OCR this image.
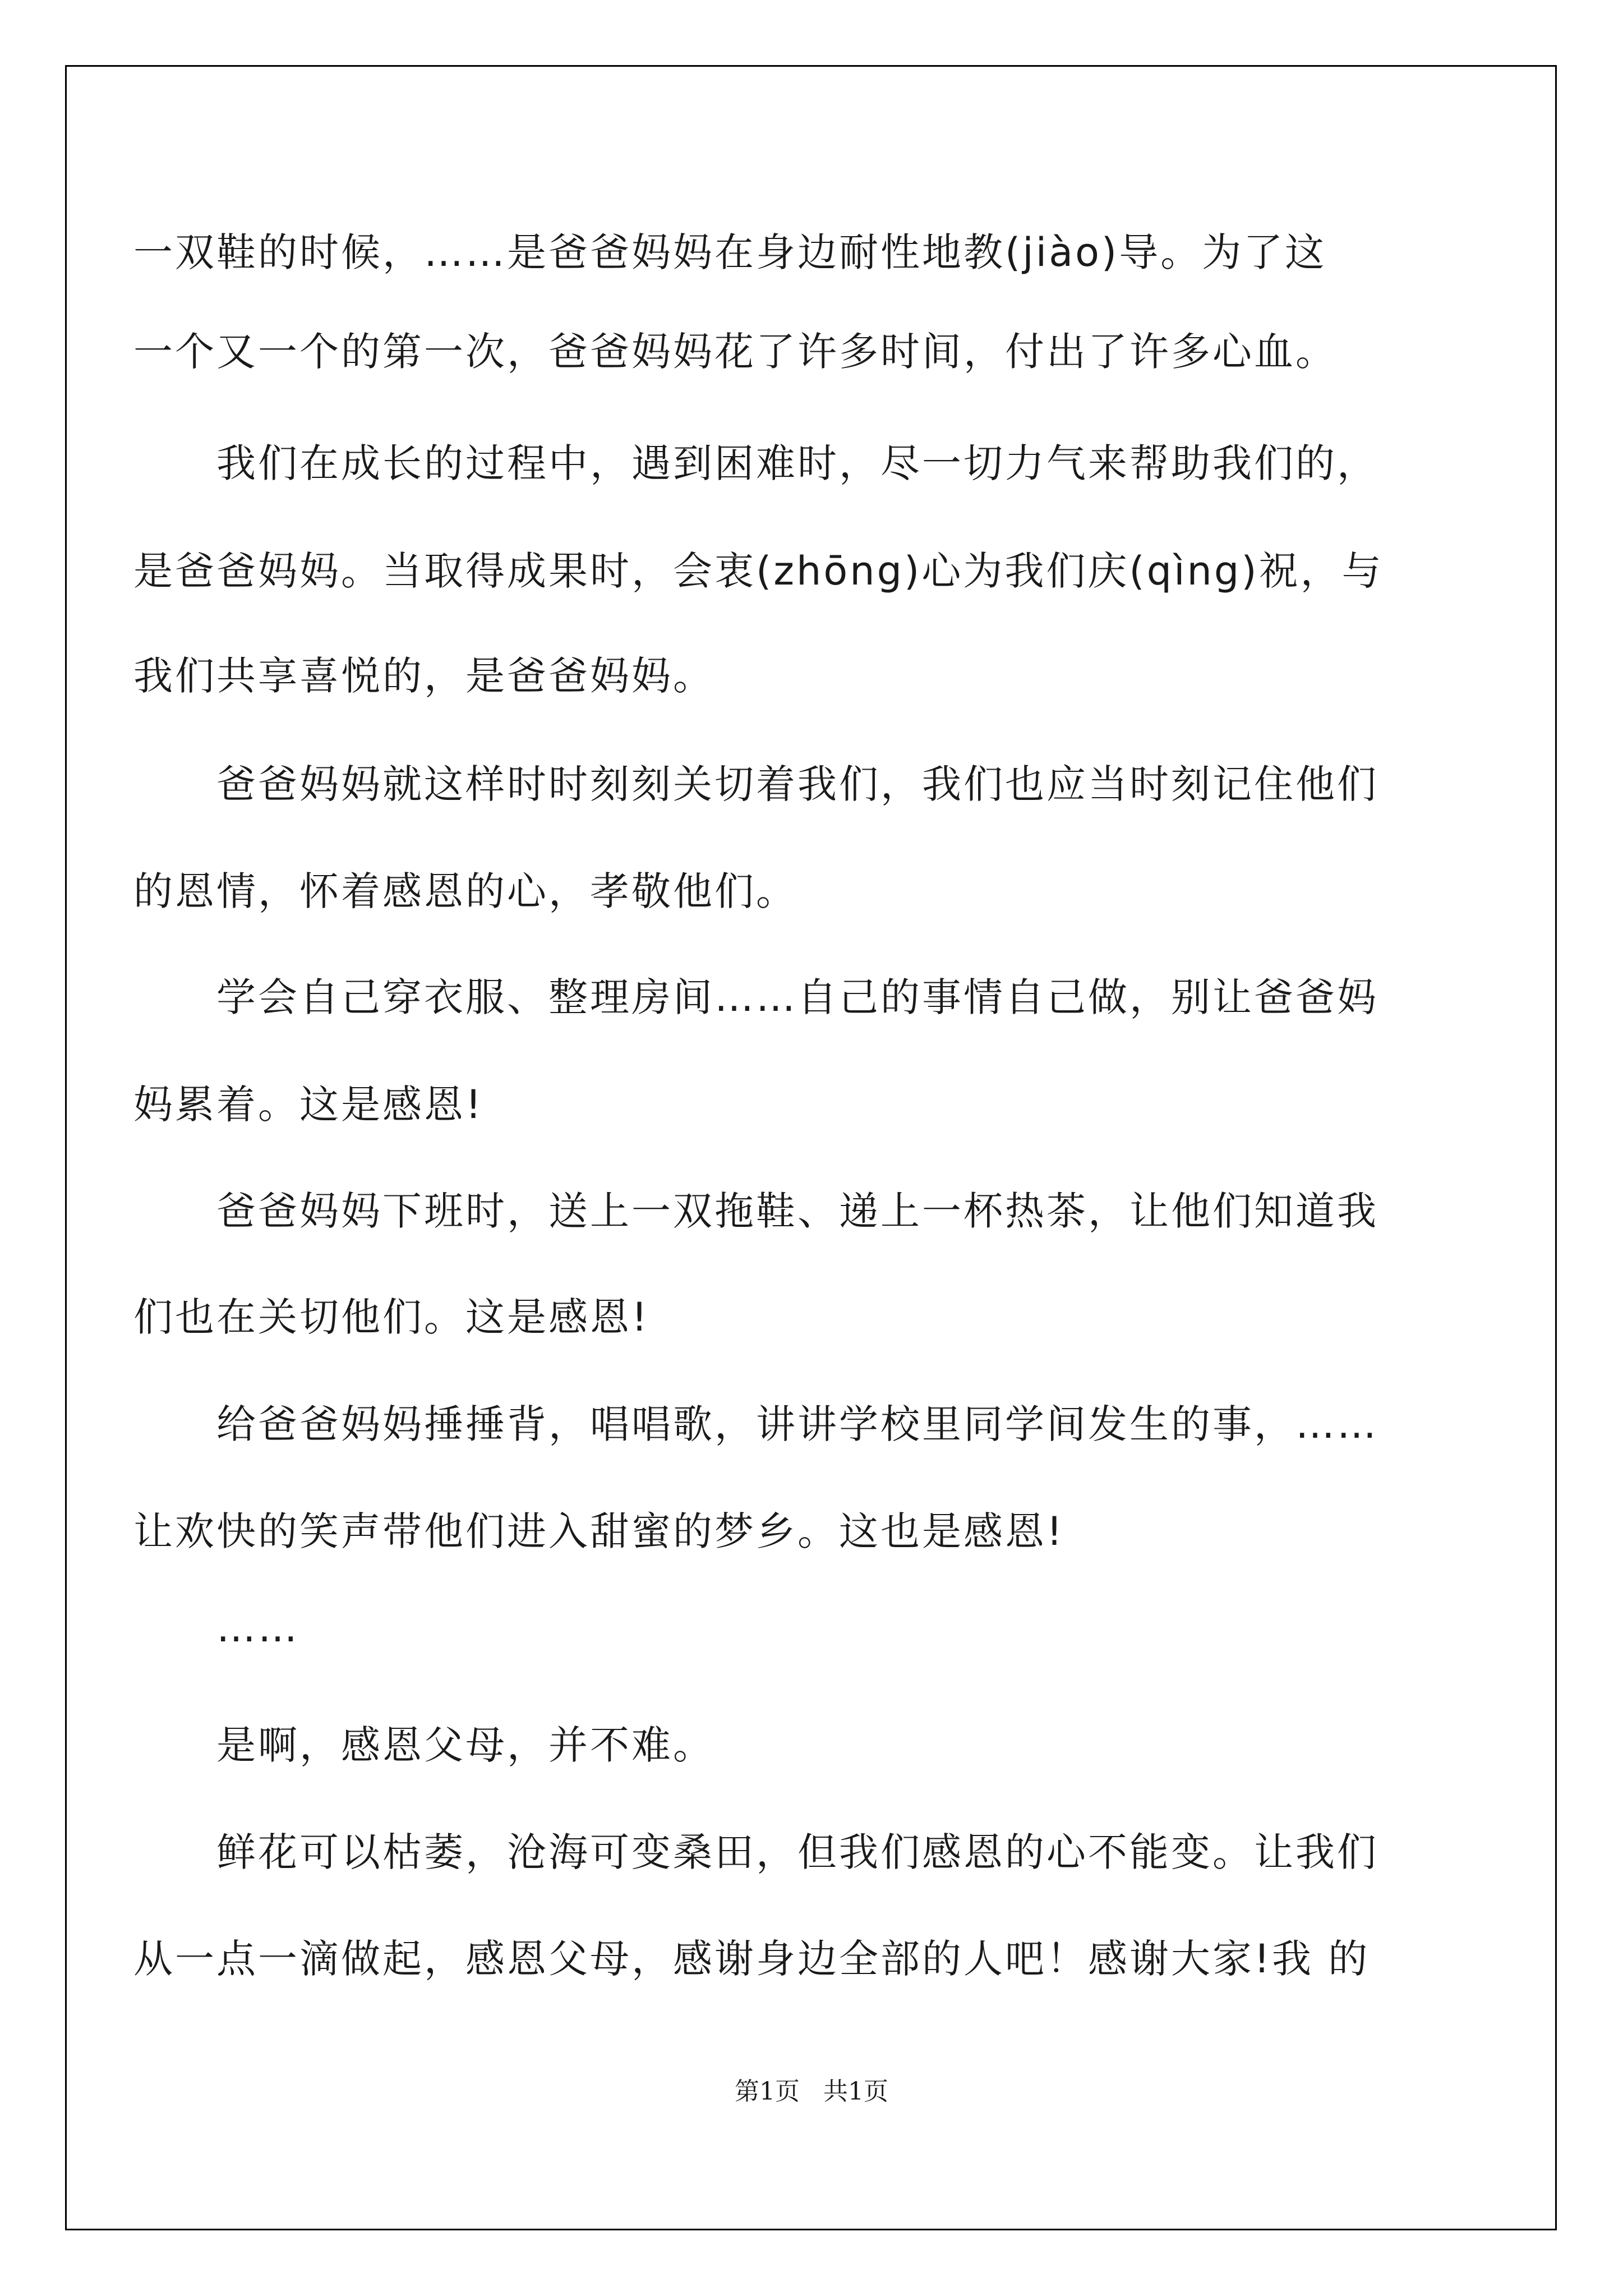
一双鞋的时候，……是爸爸妈妈在身边耐性地教(jiào)导。为了这
一个又一个的第一次，爸爸妈妈花了许多时间，付出了许多心血。
我们在成长的过程中，遇到困难时，尽一切力气来帮助我们的，
是爸爸妈妈。当取得成果时，会衷(zhōng)心为我们庆(qìng)祝，与
我们共享喜悦的，是爸爸妈妈。
爸爸妈妈就这样时时刻刻关切着我们，我们也应当时刻记住他们
的恩情，怀着感恩的心，孝敬他们。
学会自己穿衣服、整理房间……自己的事情自己做，别让爸爸妈
妈累着。这是感恩!
爸爸妈妈下班时，送上一双拖鞋、递上一杯热茶，让他们知道我
们也在关切他们。这是感恩!
给爸爸妈妈捶捶背，唱唱歌，讲讲学校里同学间发生的事，……
让欢快的笑声带他们进入甜蜜的梦乡。这也是感恩!
……
是啊，感恩父母，并不难。
鲜花可以枯萎，沧海可变桑田，但我们感恩的心不能变。让我们
从一点一滴做起，感恩父母，感谢身边全部的人吧！感谢大家!我 的
第1页   共1页
